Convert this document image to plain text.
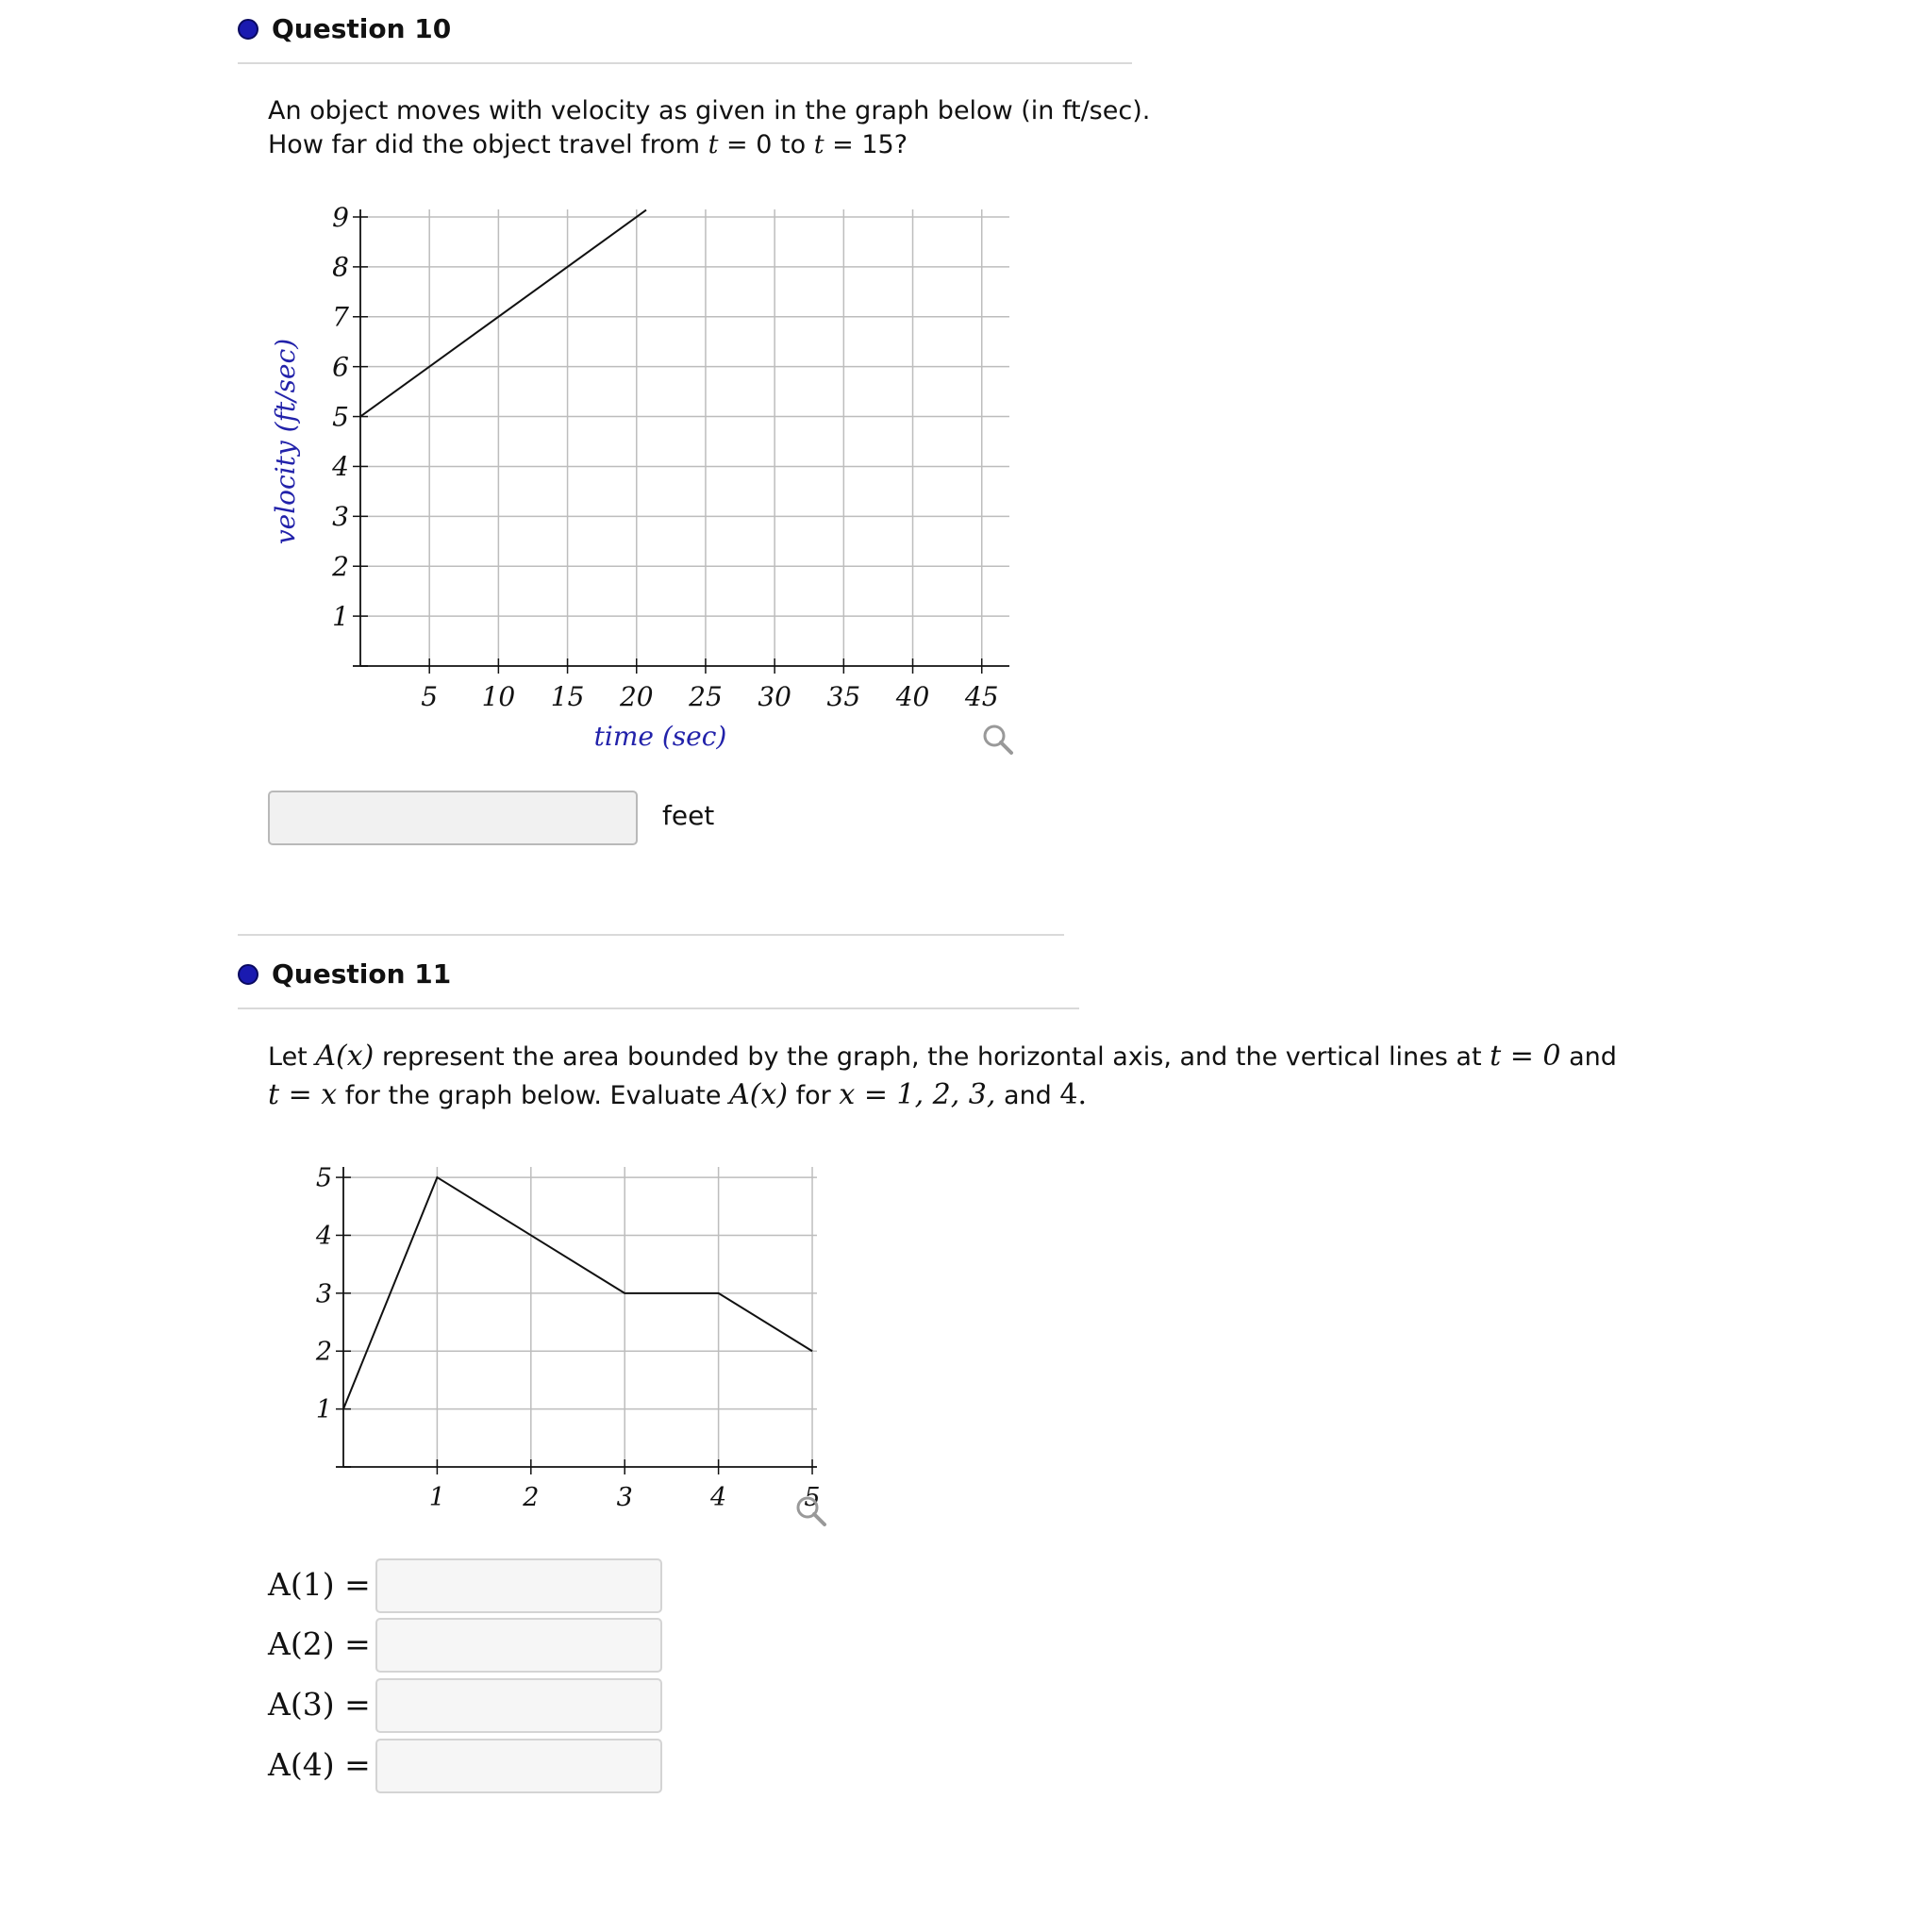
Question 10
An object moves with velocity as given in the graph below (in ft/sec).
How far did the object travel from t = 0 to t = 15?
5 10 15 20 25 30 35 40 45
1
2
3
4
5
6
7
8
9
time (sec)
velocity (ft/sec)
feet
Question 11
Let A(x) represent the area bounded by the graph, the horizontal axis, and the vertical lines at t = 0 and
t = x for the graph below. Evaluate A(x) for x = 1, 2, 3, and 4.
1	2	3	4	5
1
2
3
4
5
A(1) =
A(2) =
A(3) =
A(4) =
